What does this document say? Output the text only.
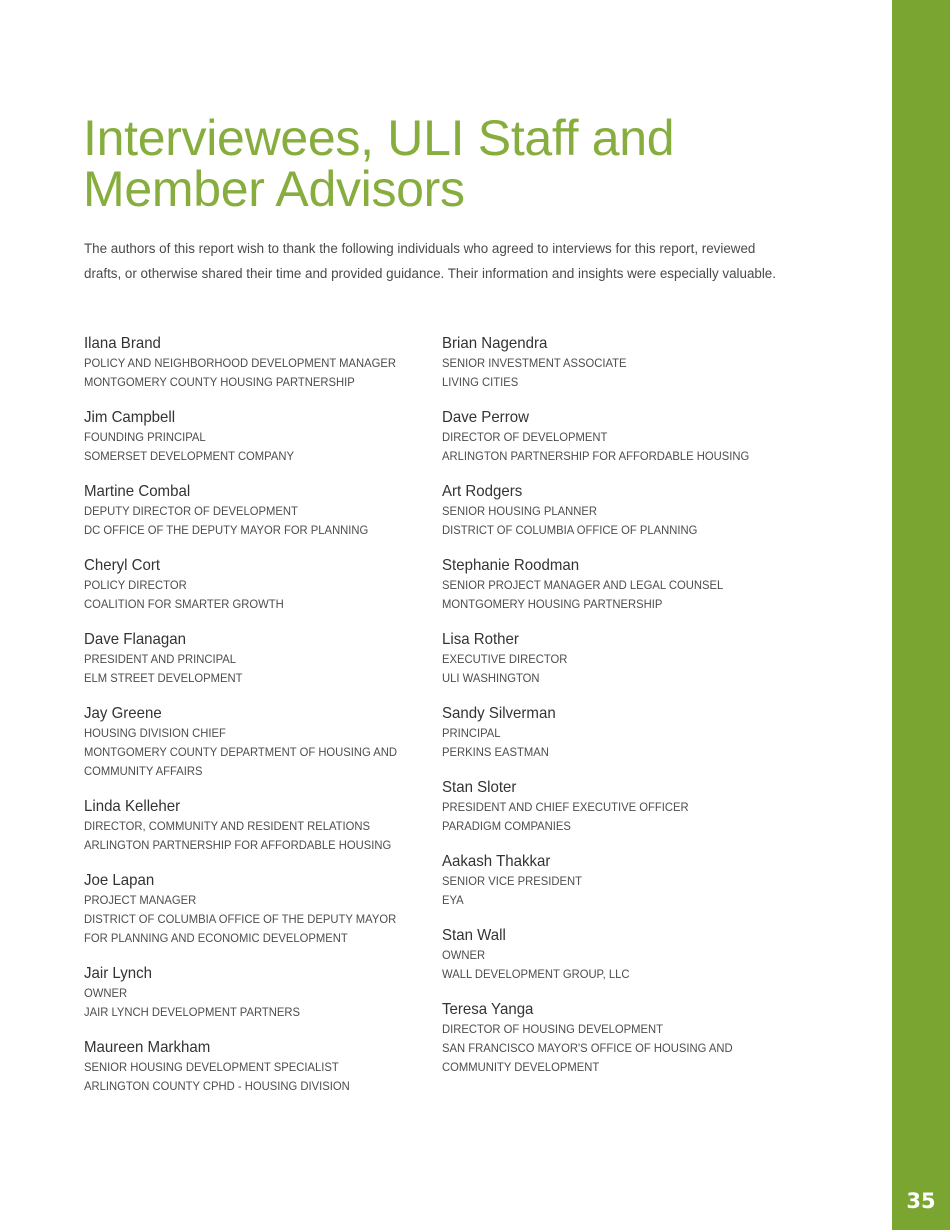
35
Interviewees, ULI Staff and
Member Advisors

The authors of this report wish to thank the following individuals who agreed to interviews for this report, reviewed drafts, or otherwise shared their time and provided guidance. Their information and insights were especially valuable.

Ilana Brand
POLICY AND NEIGHBORHOOD DEVELOPMENT MANAGER
MONTGOMERY COUNTY HOUSING PARTNERSHIP
Jim Campbell
FOUNDING PRINCIPAL
SOMERSET DEVELOPMENT COMPANY
Martine Combal
DEPUTY DIRECTOR OF DEVELOPMENT
DC OFFICE OF THE DEPUTY MAYOR FOR PLANNING
Cheryl Cort
POLICY DIRECTOR
COALITION FOR SMARTER GROWTH
Dave Flanagan
PRESIDENT AND PRINCIPAL
ELM STREET DEVELOPMENT
Jay Greene
HOUSING DIVISION CHIEF
MONTGOMERY COUNTY DEPARTMENT OF HOUSING AND
COMMUNITY AFFAIRS
Linda Kelleher
DIRECTOR, COMMUNITY AND RESIDENT RELATIONS
ARLINGTON PARTNERSHIP FOR AFFORDABLE HOUSING
Joe Lapan
PROJECT MANAGER
DISTRICT OF COLUMBIA OFFICE OF THE DEPUTY MAYOR
FOR PLANNING AND ECONOMIC DEVELOPMENT
Jair Lynch
OWNER
JAIR LYNCH DEVELOPMENT PARTNERS
Maureen Markham
SENIOR HOUSING DEVELOPMENT SPECIALIST
ARLINGTON COUNTY CPHD - HOUSING DIVISION
Brian Nagendra
SENIOR INVESTMENT ASSOCIATE
LIVING CITIES
Dave Perrow
DIRECTOR OF DEVELOPMENT
ARLINGTON PARTNERSHIP FOR AFFORDABLE HOUSING
Art Rodgers
SENIOR HOUSING PLANNER
DISTRICT OF COLUMBIA OFFICE OF PLANNING
Stephanie Roodman
SENIOR PROJECT MANAGER AND LEGAL COUNSEL
MONTGOMERY HOUSING PARTNERSHIP
Lisa Rother
EXECUTIVE DIRECTOR
ULI WASHINGTON
Sandy Silverman
PRINCIPAL
PERKINS EASTMAN
Stan Sloter
PRESIDENT AND CHIEF EXECUTIVE OFFICER
PARADIGM COMPANIES
Aakash Thakkar
SENIOR VICE PRESIDENT
EYA
Stan Wall
OWNER
WALL DEVELOPMENT GROUP, LLC
Teresa Yanga
DIRECTOR OF HOUSING DEVELOPMENT
SAN FRANCISCO MAYOR'S OFFICE OF HOUSING AND
COMMUNITY DEVELOPMENT
